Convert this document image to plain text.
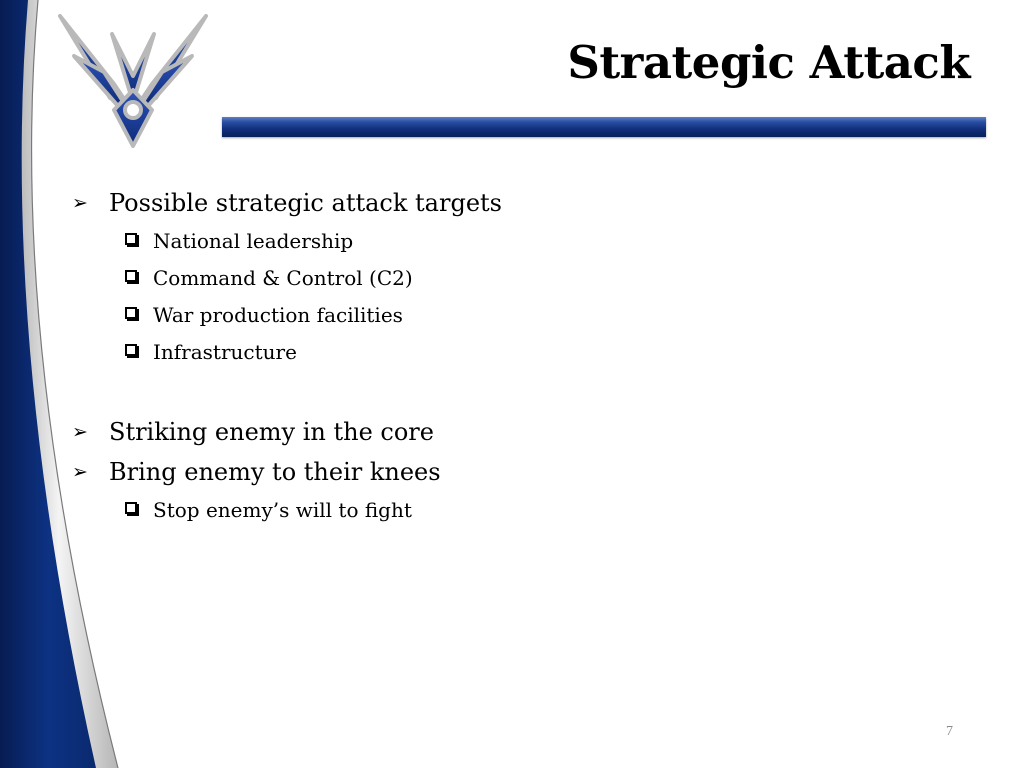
Strategic Attack
➢ Possible strategic attack targets
National leadership
Command & Control (C2)
War production facilities
Infrastructure
➢ Striking enemy in the core
➢ Bring enemy to their knees
Stop enemy’s will to fight
7
